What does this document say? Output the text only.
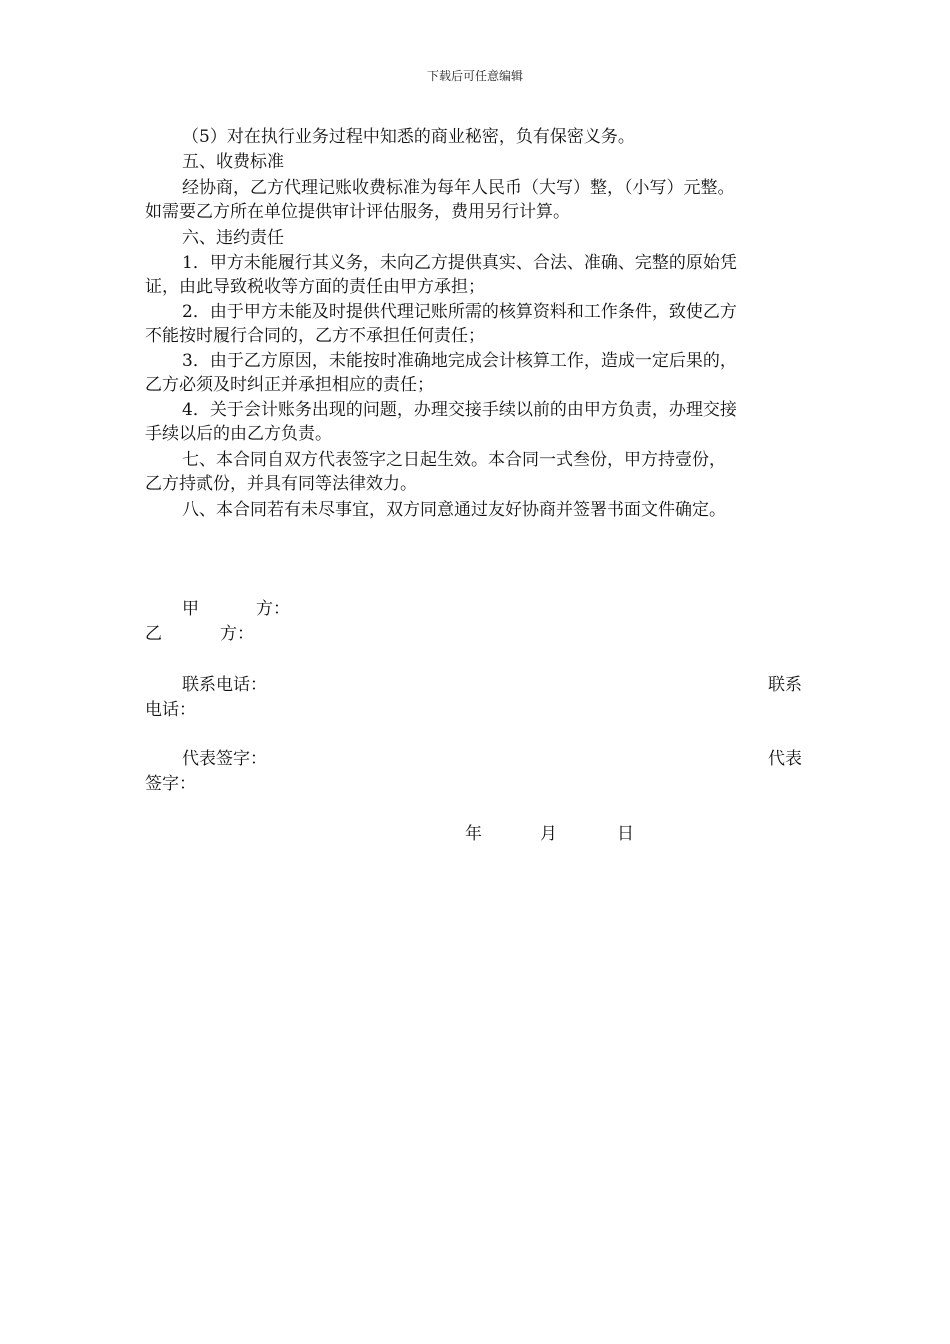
下载后可任意编辑
（5）对在执行业务过程中知悉的商业秘密，负有保密义务。
五、收费标准
经协商，乙方代理记账收费标准为每年人民币（大写）整，（小写）元整。
如需要乙方所在单位提供审计评估服务，费用另行计算。
六、违约责任
1．甲方未能履行其义务，未向乙方提供真实、合法、准确、完整的原始凭
证，由此导致税收等方面的责任由甲方承担；
2．由于甲方未能及时提供代理记账所需的核算资料和工作条件，致使乙方
不能按时履行合同的，乙方不承担任何责任；
3．由于乙方原因，未能按时准确地完成会计核算工作，造成一定后果的，
乙方必须及时纠正并承担相应的责任；
4．关于会计账务出现的问题，办理交接手续以前的由甲方负责，办理交接
手续以后的由乙方负责。
七、本合同自双方代表签字之日起生效。本合同一式叁份，甲方持壹份，
乙方持贰份，并具有同等法律效力。
八、本合同若有未尽事宜，双方同意通过友好协商并签署书面文件确定。
甲	方：
乙	方：
联系电话：	联系
电话：
代表签字：	代表
签字：
年	月	日
